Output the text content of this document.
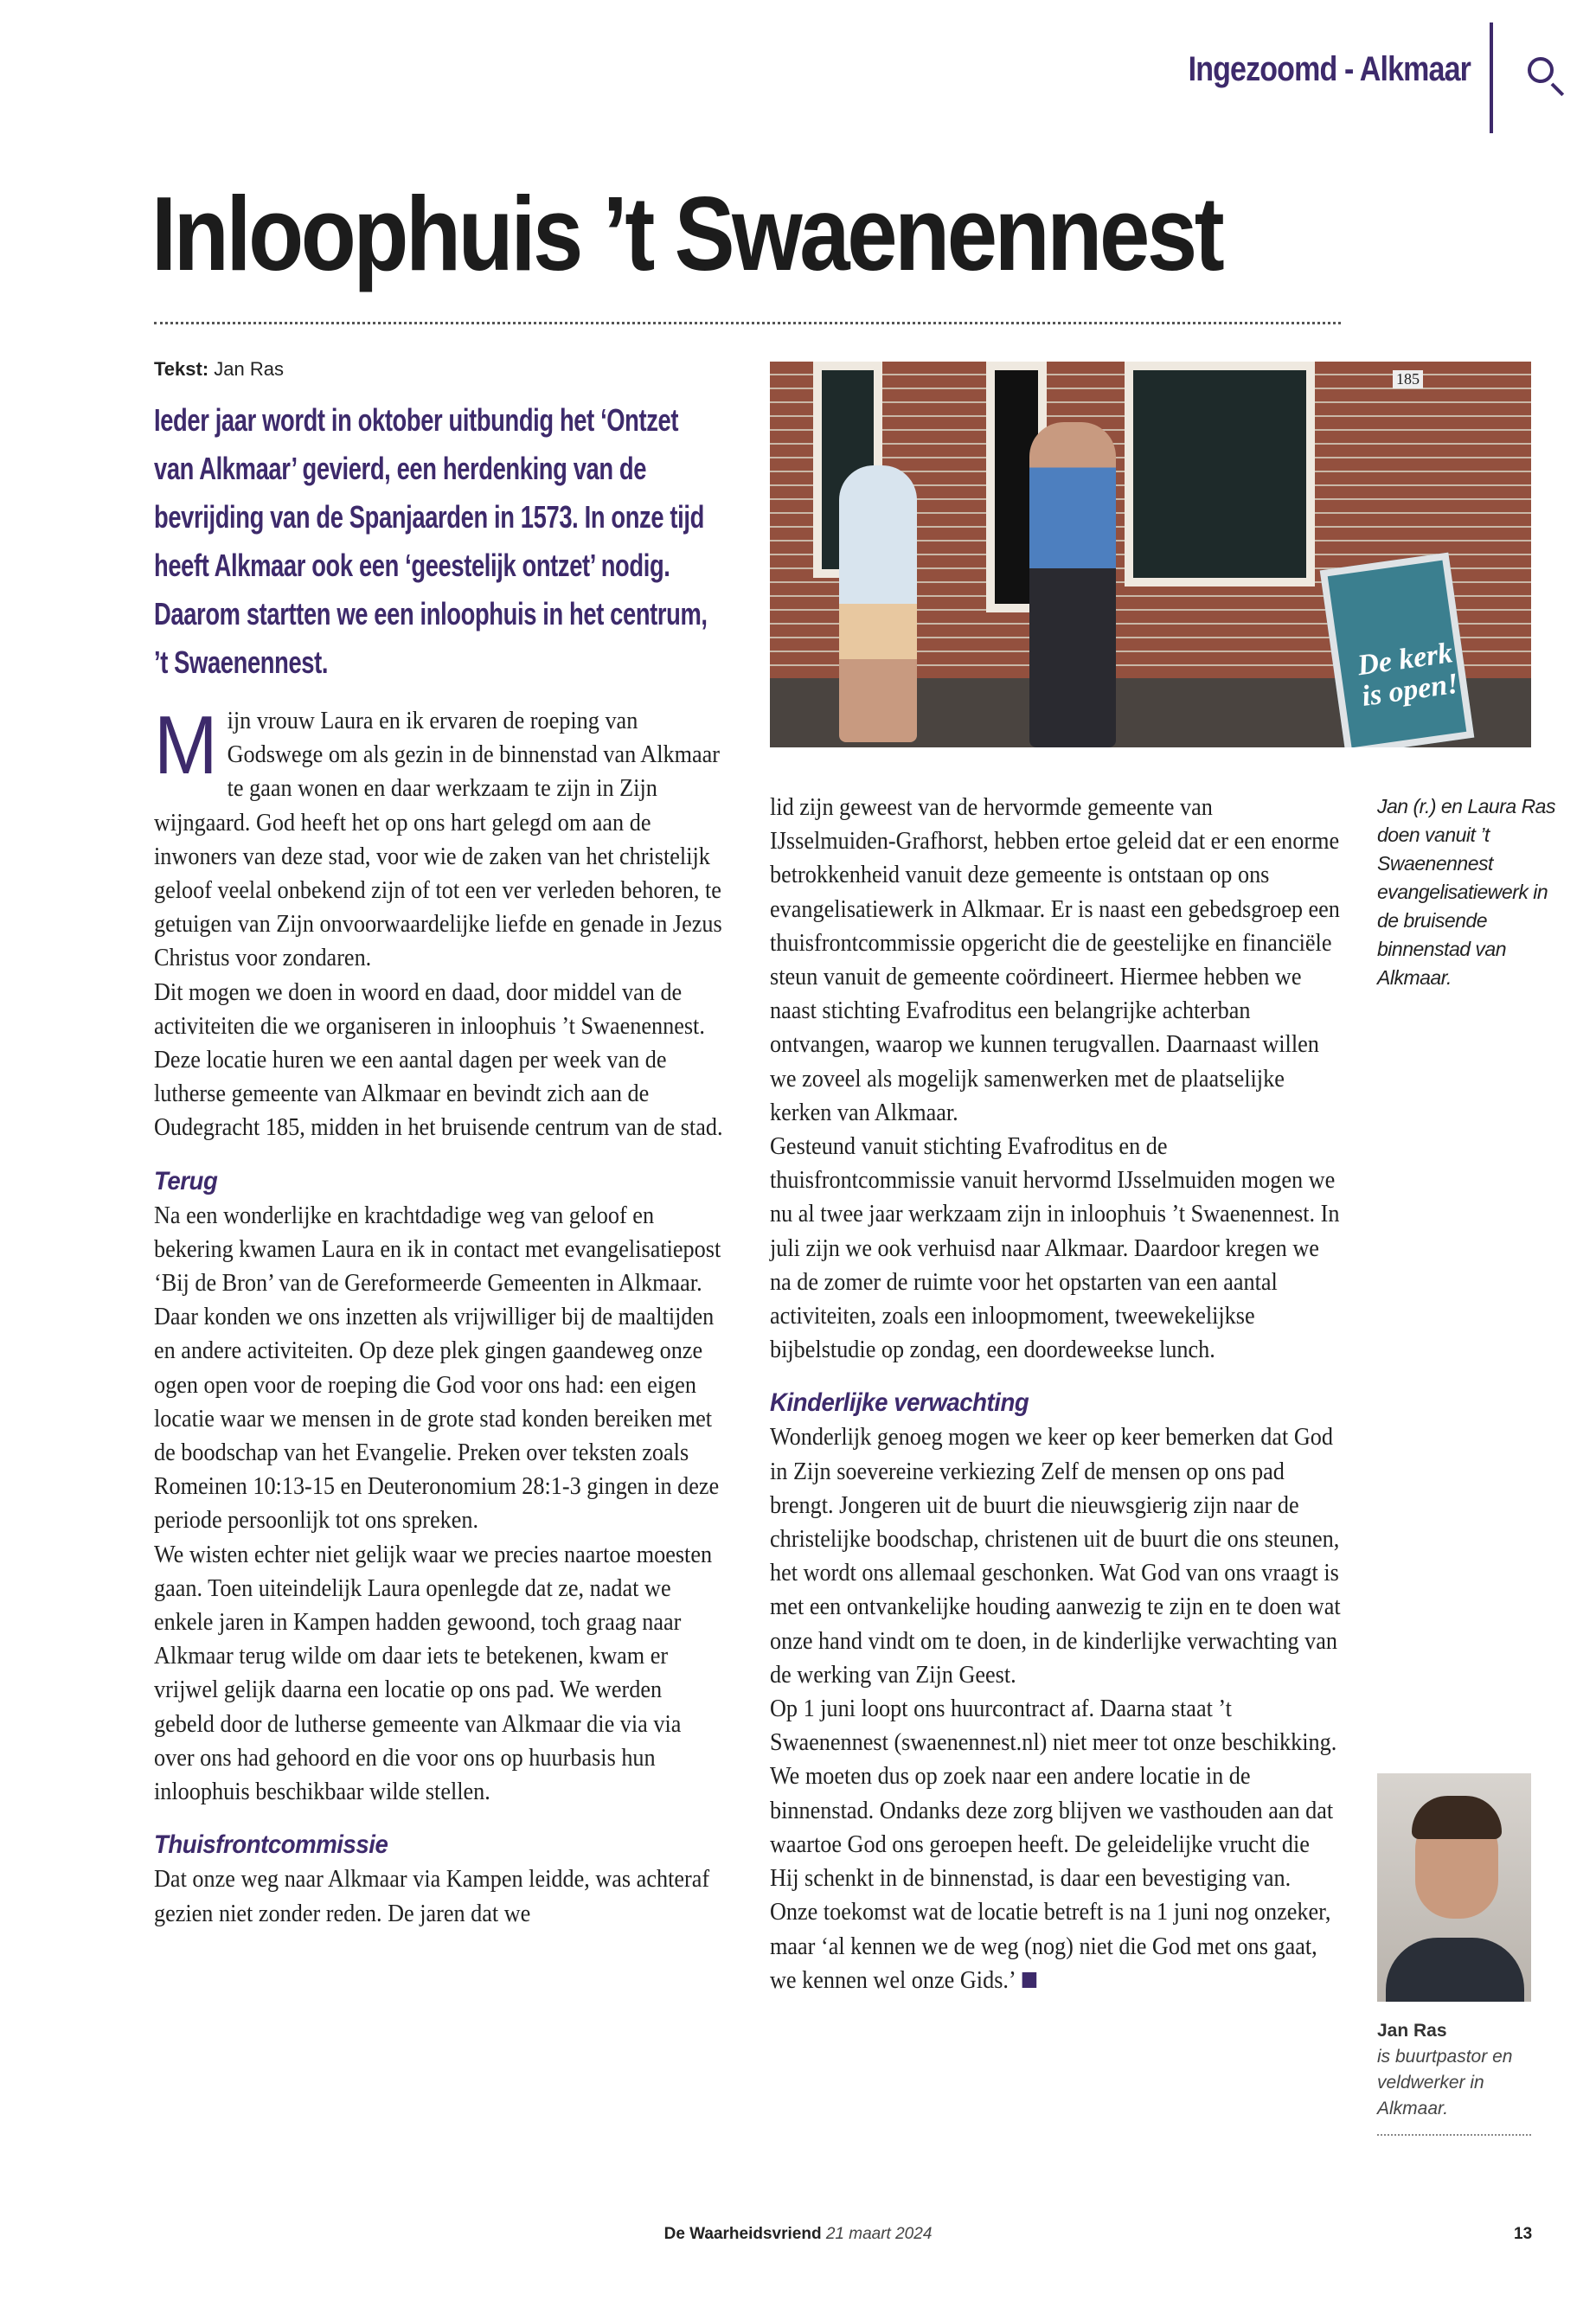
Ingezoomd - Alkmaar
Inloophuis ’t Swaenennest
Tekst: Jan Ras
Ieder jaar wordt in oktober uitbundig het ‘Ontzet van Alkmaar’ gevierd, een herdenking van de bevrijding van de Spanjaarden in 1573. In onze tijd heeft Alkmaar ook een ‘geestelijk ontzet’ nodig. Daarom startten we een inloophuis in het centrum, ’t Swaenennest.

Mijn vrouw Laura en ik ervaren de roeping van Godswege om als gezin in de binnenstad van Alkmaar te gaan wonen en daar werkzaam te zijn in Zijn wijngaard. God heeft het op ons hart gelegd om aan de inwoners van deze stad, voor wie de zaken van het christelijk geloof veelal onbekend zijn of tot een ver verleden behoren, te getuigen van Zijn onvoorwaardelijke liefde en genade in Jezus Christus voor zondaren.

Dit mogen we doen in woord en daad, door middel van de activiteiten die we organiseren in inloophuis ’t Swaenennest. Deze locatie huren we een aantal dagen per week van de lutherse gemeente van Alkmaar en bevindt zich aan de Oudegracht 185, midden in het bruisende centrum van de stad.

Terug

Na een wonderlijke en krachtdadige weg van geloof en bekering kwamen Laura en ik in contact met evangelisatiepost ‘Bij de Bron’ van de Gereformeerde Gemeenten in Alkmaar. Daar konden we ons inzetten als vrijwilliger bij de maaltijden en andere activiteiten. Op deze plek gingen gaandeweg onze ogen open voor de roeping die God voor ons had: een eigen locatie waar we mensen in de grote stad konden bereiken met de boodschap van het Evangelie. Preken over teksten zoals Romeinen 10:13-15 en Deuteronomium 28:1-3 gingen in deze periode persoonlijk tot ons spreken.

We wisten echter niet gelijk waar we precies naartoe moesten gaan. Toen uiteindelijk Laura openlegde dat ze, nadat we enkele jaren in Kampen hadden gewoond, toch graag naar Alkmaar terug wilde om daar iets te betekenen, kwam er vrijwel gelijk daarna een locatie op ons pad. We werden gebeld door de lutherse gemeente van Alkmaar die via via over ons had gehoord en die voor ons op huurbasis hun inloophuis beschikbaar wilde stellen.

Thuisfrontcommissie

Dat onze weg naar Alkmaar via Kampen leidde, was achteraf gezien niet zonder reden. De jaren dat we

185
De kerk is open!

lid zijn geweest van de hervormde gemeente van IJsselmuiden-Grafhorst, hebben ertoe geleid dat er een enorme betrokkenheid vanuit deze gemeente is ontstaan op ons evangelisatiewerk in Alkmaar. Er is naast een gebedsgroep een thuisfrontcommissie opgericht die de geestelijke en financiële steun vanuit de gemeente coördineert. Hiermee hebben we naast stichting Evafroditus een belangrijke achterban ontvangen, waarop we kunnen terugvallen. Daarnaast willen we zoveel als mogelijk samenwerken met de plaatselijke kerken van Alkmaar.

Gesteund vanuit stichting Evafroditus en de thuisfrontcommissie vanuit hervormd IJsselmuiden mogen we nu al twee jaar werkzaam zijn in inloophuis ’t Swaenennest. In juli zijn we ook verhuisd naar Alkmaar. Daardoor kregen we na de zomer de ruimte voor het opstarten van een aantal activiteiten, zoals een inloopmoment, tweewekelijkse bijbelstudie op zondag, een doordeweekse lunch.

Kinderlijke verwachting

Wonderlijk genoeg mogen we keer op keer bemerken dat God in Zijn soevereine verkiezing Zelf de mensen op ons pad brengt. Jongeren uit de buurt die nieuwsgierig zijn naar de christelijke boodschap, christenen uit de buurt die ons steunen, het wordt ons allemaal geschonken. Wat God van ons vraagt is met een ontvankelijke houding aanwezig te zijn en te doen wat onze hand vindt om te doen, in de kinderlijke verwachting van de werking van Zijn Geest.

Op 1 juni loopt ons huurcontract af. Daarna staat ’t Swaenennest (swaenennest.nl) niet meer tot onze beschikking. We moeten dus op zoek naar een andere locatie in de binnenstad. Ondanks deze zorg blijven we vasthouden aan dat waartoe God ons geroepen heeft. De geleidelijke vrucht die Hij schenkt in de binnenstad, is daar een bevestiging van. Onze toekomst wat de locatie betreft is na 1 juni nog onzeker, maar ‘al kennen we de weg (nog) niet die God met ons gaat, we kennen wel onze Gids.’

Jan (r.) en Laura Ras doen vanuit ’t Swaenennest evangelisatiewerk in de bruisende binnenstad van Alkmaar.
Jan Ras
is buurtpastor en veldwerker in Alkmaar.
De Waarheidsvriend 21 maart 2024	13
